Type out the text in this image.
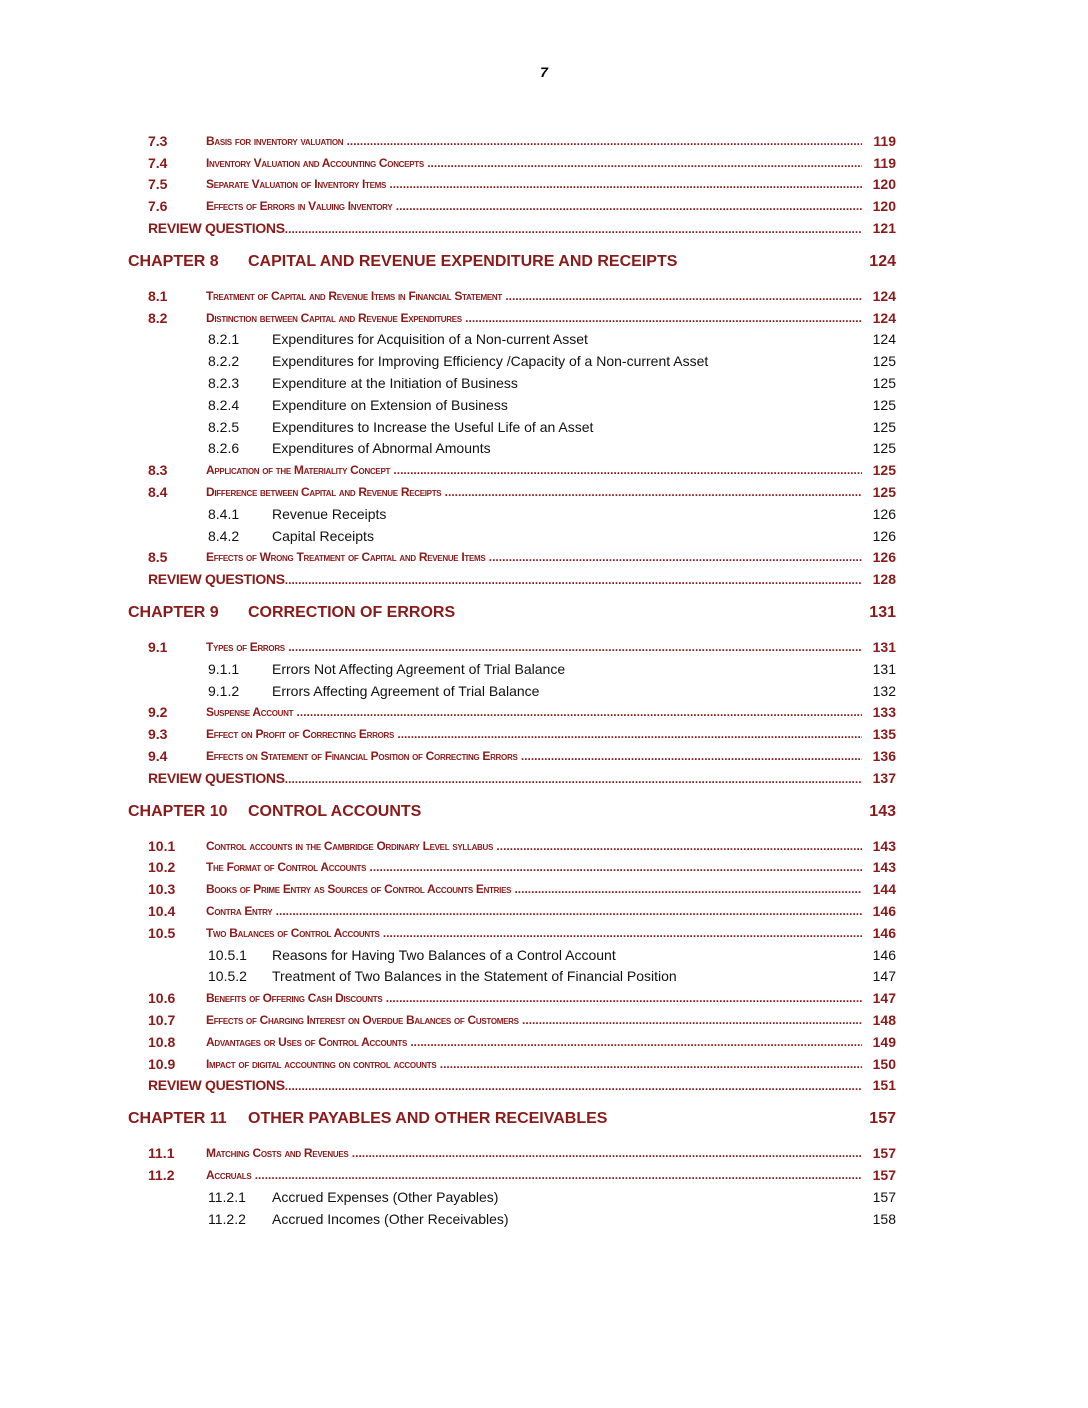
7
7.3	Basis for inventory valuation .....	119
7.4	Inventory Valuation and Accounting Concepts .....	119
7.5	Separate Valuation of Inventory Items .....	120
7.6	Effects of Errors in Valuing Inventory .....	120
REVIEW QUESTIONS .....	121
CHAPTER 8 CAPITAL AND REVENUE EXPENDITURE AND RECEIPTS	124
8.1	Treatment of Capital and Revenue Items in Financial Statement .....	124
8.2	Distinction between Capital and Revenue Expenditures .....	124
8.2.1	Expenditures for Acquisition of a Non-current Asset	124
8.2.2	Expenditures for Improving Efficiency /Capacity of a Non-current Asset	125
8.2.3	Expenditure at the Initiation of Business	125
8.2.4	Expenditure on Extension of Business	125
8.2.5	Expenditures to Increase the Useful Life of an Asset	125
8.2.6	Expenditures of Abnormal Amounts	125
8.3	Application of the Materiality Concept .....	125
8.4	Difference between Capital and Revenue Receipts .....	125
8.4.1	Revenue Receipts	126
8.4.2	Capital Receipts	126
8.5	Effects of Wrong Treatment of Capital and Revenue Items .....	126
REVIEW QUESTIONS .....	128
CHAPTER 9 CORRECTION OF ERRORS	131
9.1	Types of Errors .....	131
9.1.1	Errors Not Affecting Agreement of Trial Balance	131
9.1.2	Errors Affecting Agreement of Trial Balance	132
9.2	Suspense Account .....	133
9.3	Effect on Profit of Correcting Errors .....	135
9.4	Effects on Statement of Financial Position of Correcting Errors .....	136
REVIEW QUESTIONS .....	137
CHAPTER 10 CONTROL ACCOUNTS	143
10.1	Control accounts in the Cambridge Ordinary Level syllabus .....	143
10.2	The Format of Control Accounts .....	143
10.3	Books of Prime Entry as Sources of Control Accounts Entries .....	144
10.4	Contra Entry .....	146
10.5	Two Balances of Control Accounts .....	146
10.5.1	Reasons for Having Two Balances of a Control Account	146
10.5.2	Treatment of Two Balances in the Statement of Financial Position	147
10.6	Benefits of Offering Cash Discounts .....	147
10.7	Effects of Charging Interest on Overdue Balances of Customers .....	148
10.8	Advantages or Uses of Control Accounts .....	149
10.9	Impact of digital accounting on control accounts .....	150
REVIEW QUESTIONS .....	151
CHAPTER 11 OTHER PAYABLES AND OTHER RECEIVABLES	157
11.1	Matching Costs and Revenues .....	157
11.2	Accruals .....	157
11.2.1	Accrued Expenses (Other Payables)	157
11.2.2	Accrued Incomes (Other Receivables)	158
